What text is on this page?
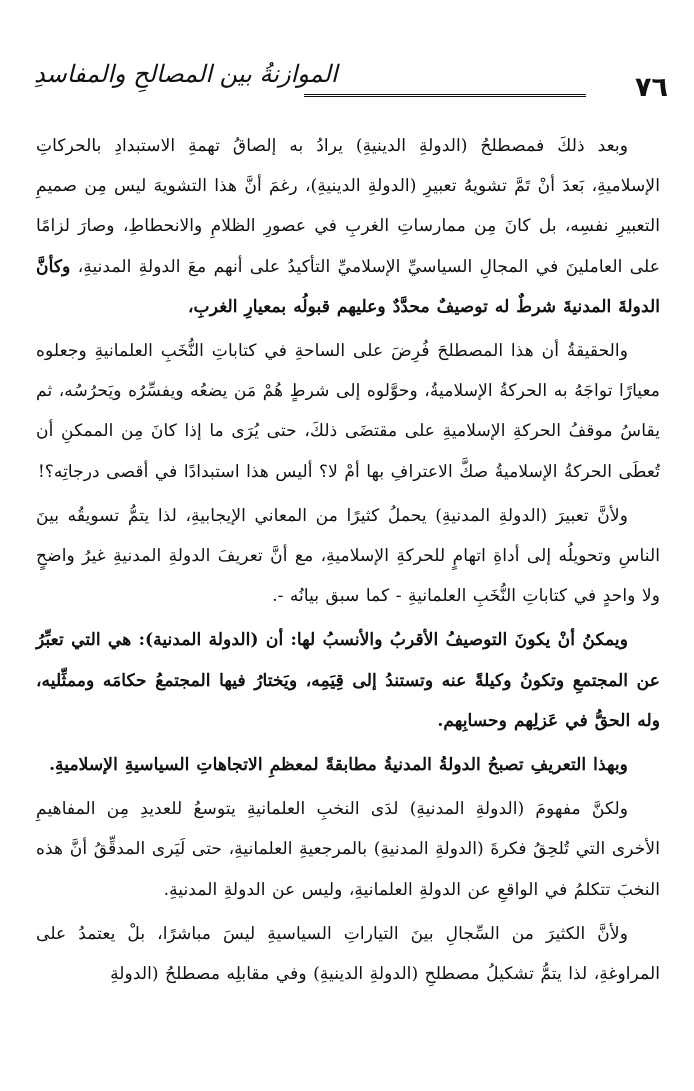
٧٦
الموازنةُ بين المصالحِ والمفاسدِ

وبعد ذلكَ فمصطلحُ (الدولةِ الدينيةِ) يرادُ به إلصاقُ تهمةِ الاستبدادِ بالحركاتِ الإسلاميةِ، بَعدَ أنْ تَمَّ تشويهُ تعبيرِ (الدولةِ الدينيةِ)، رغمَ أنَّ هذا التشويهَ ليس مِن صميمِ التعبيرِ نفسِه، بل كانَ مِن ممارساتِ الغربِ في عصورِ الظلامِ والانحطاطِ، وصارَ لزامًا على العاملينَ في المجالِ السياسيِّ الإسلاميِّ التأكيدُ على أنهم معَ الدولةِ المدنيةِ، وكأنَّ الدولةَ المدنيةَ شرطٌ له توصيفٌ محدَّدٌ وعليهم قبولُه بمعيارِ الغربِ،

والحقيقةُ أن هذا المصطلحَ فُرِضَ على الساحةِ في كتاباتِ النُّخَبِ العلمانيةِ وجعلوه معيارًا تواجَهُ به الحركةُ الإسلاميةُ، وحوَّلوه إلى شرطٍ هُمْ مَن يضعُه ويفسِّرُه ويَحرُسُه، ثم يقاسُ موقفُ الحركةِ الإسلاميةِ على مقتضَى ذلكَ، حتى يُرَى ما إذا كانَ مِن الممكنِ أن تُعطَى الحركةُ الإسلاميةُ صكَّ الاعترافِ بها أمْ لا؟ أليس هذا استبدادًا في أقصى درجاتِه؟!

ولأنَّ تعبيرَ (الدولةِ المدنيةِ) يحملُ كثيرًا من المعاني الإيجابيةِ، لذا يتمُّ تسويقُه بينَ الناسِ وتحويلُه إلى أداةِ اتهامٍ للحركةِ الإسلاميةِ، مع أنَّ تعريفَ الدولةِ المدنيةِ غيرُ واضحٍ ولا واحدٍ في كتاباتِ النُّخَبِ العلمانيةِ - كما سبق بيانُه -.

ويمكنُ أنْ يكونَ التوصيفُ الأقربُ والأنسبُ لها: أن (الدولة المدنية): هي التي تعبِّرُ عن المجتمعِ وتكونُ وكيلةً عنه وتستندُ إلى قِيَمِه، ويَختارُ فيها المجتمعُ حكامَه وممثِّليه، وله الحقُّ في عَزلِهم وحسابِهم.

وبهذا التعريفِ تصبحُ الدولةُ المدنيةُ مطابقةً لمعظمِ الاتجاهاتِ السياسيةِ الإسلاميةِ.

ولكنَّ مفهومَ (الدولةِ المدنيةِ) لدَى النخبِ العلمانيةِ يتوسعُ للعديدِ مِن المفاهيمِ الأخرى التي تُلحِقُ فكرةَ (الدولةِ المدنيةِ) بالمرجعيةِ العلمانيةِ، حتى لَيَرى المدقِّقُ أنَّ هذه النخبَ تتكلمُ في الواقعِ عن الدولةِ العلمانيةِ، وليس عن الدولةِ المدنيةِ.

ولأنَّ الكثيرَ من السِّجالِ بينَ التياراتِ السياسيةِ ليسَ مباشرًا، بلْ يعتمدُ على المراوغةِ، لذا يتمُّ تشكيلُ مصطلحِ (الدولةِ الدينيةِ) وفي مقابلِه مصطلحُ (الدولةِ
